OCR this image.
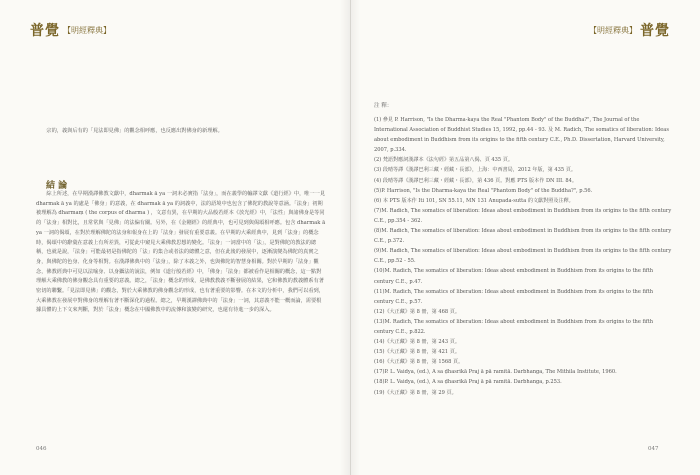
普覺 【明經釋典】

宗的，義與后有的「見法即見佛」的觀念相呼應，也反應出對佛身的新理解。

結 論

綜上所述，在早期漢譯佛教文獻中，dharmak ā ya 一詞未必實指「法身」，而在義學的輸譯文獻《道行經》中，唯一一見 dharmak ā ya 的處是「佛身」的意義，在 dharmak ā ya 的詞義中，法的語境中也包含了佛陀的教說等意涵。「法身」初期被理解為 dharmaṃ ( the corpus of dharma ) ，文意有異，在早期的大品般若經本《放光經》中，「法性」與諸佛身是等同的「法身」相對比，且常常與「見佛」的法偏有關。另外，在《金剛經》的經典中，也可見到與偈頌相呼應。包含 dharmak ā ya 一詞的偈頌，在對於理解佛陀的法身和報身在上的「法身」發展有重要意義。在早期的大乘經典中，見到「法身」的概念時，偈頌中的辭彙在意義上有所差異，可從此中窺見大乘佛教思想的變化。「法身」一詞當中的「法」，是對佛陀的教法的總稱，也就是說，「法身」可能最初是指佛陀的「法」的集合或者法的總體之意，但在此後的發展中，逐漸演變為佛陀的真實之身，與佛陀的色身、化身等相對。在漢譯佛典中的「法身」，除了本義之外，也與佛陀的智慧身相關。對於早期的「法身」觀念，佛教經典中可見以法喻身、以身攝法的說法，例如《道行般若經》中，「佛身」「法身」都被看作是相關的概念，這一點對理解大乘佛教的佛身觀念具有重要的意義。總之，「法身」概念的形成，是佛教教義不斷發展的結果，它和佛教的教義體系有著密切的聯繫。「見法即見佛」的觀念，對於大乘佛教的佛身觀念的形成，也有著重要的影響。在本文的分析中，我們可以看到，大乘佛教在發展中對佛身的理解有著不斷深化的過程。總之，早期漢譯佛典中的「法身」一詞，其意義不能一概而論，需要根據具體的上下文來判斷，對於「法身」概念在中國佛教中的流傳和演變的研究，也還有待進一步的深入。

046
普覺
【明經釋典】
注 釋：

(1) 參見 P. Harrison, "Is the Dharma-kaya the Real "Phantom Body" of the Buddha?", The Journal of the International Association of Buddhist Studies 15, 1992, pp.44 - 93. 及 M. Radich, The somatics of liberation: Ideas about embodiment in Buddhism from its origins to the fifth century C.E., Ph.D. Dissertation, Harvard University, 2007, p.334.

(2) 梵語對應詞漢譯本《法句經》第五品第八偈、頁 435 頁。

(3) 段晴等譯《漢譯巴利三藏・經藏・長部》，上海：中西書局，2012 年版，第 435 頁。

(4) 段晴等譯《漢譯巴利三藏・經藏・長部》，第 436 頁。對應 PTS 版本作 DN III. 84。

(5)P. Harrison, "Is the Dharma-kaya the Real "Phantom Body" of the Buddha?", p.56.

(6) 本 PTS 版本作 Iti 101, SN 55.11, MN 131 Anupada-sutta 的文獻對照及注釋。

(7)M. Radich, The somatics of liberation: Ideas about embodiment in Buddhism from its origins to the fifth century C.E., pp.354 - 362.

(8)M. Radich, The somatics of liberation: Ideas about embodiment in Buddhism from its origins to the fifth century C.E., p.372.

(9)M. Radich, The somatics of liberation: Ideas about embodiment in Buddhism from its origins to the fifth century C.E., pp.52 - 55.

(10)M. Radich, The somatics of liberation: Ideas about embodiment in Buddhism from its origins to the fifth century C.E., p.47.

(11)M. Radich, The somatics of liberation: Ideas about embodiment in Buddhism from its origins to the fifth century C.E., p.57.

(12)《大正藏》第 8 冊，第 468 頁。

(13)M. Radich, The somatics of liberation: Ideas about embodiment in Buddhism from its origins to the fifth century C.E., p.822.

(14)《大正藏》第 8 冊，第 243 頁。

(15)《大正藏》第 8 冊，第 421 頁。

(16)《大正藏》第 8 冊，第 1568 頁。

(17)P. L. Vaidya, (ed.), A sa ḍhasrikā Praj ā pā ramitā. Darbhanga, The Mithila Institute, 1960.

(18)P. L. Vaidya, (ed.), A sa ḍhasrikā Praj ā pā ramitā. Darbhanga, p.253.

(19)《大正藏》第 8 冊，第 29 頁。

047
